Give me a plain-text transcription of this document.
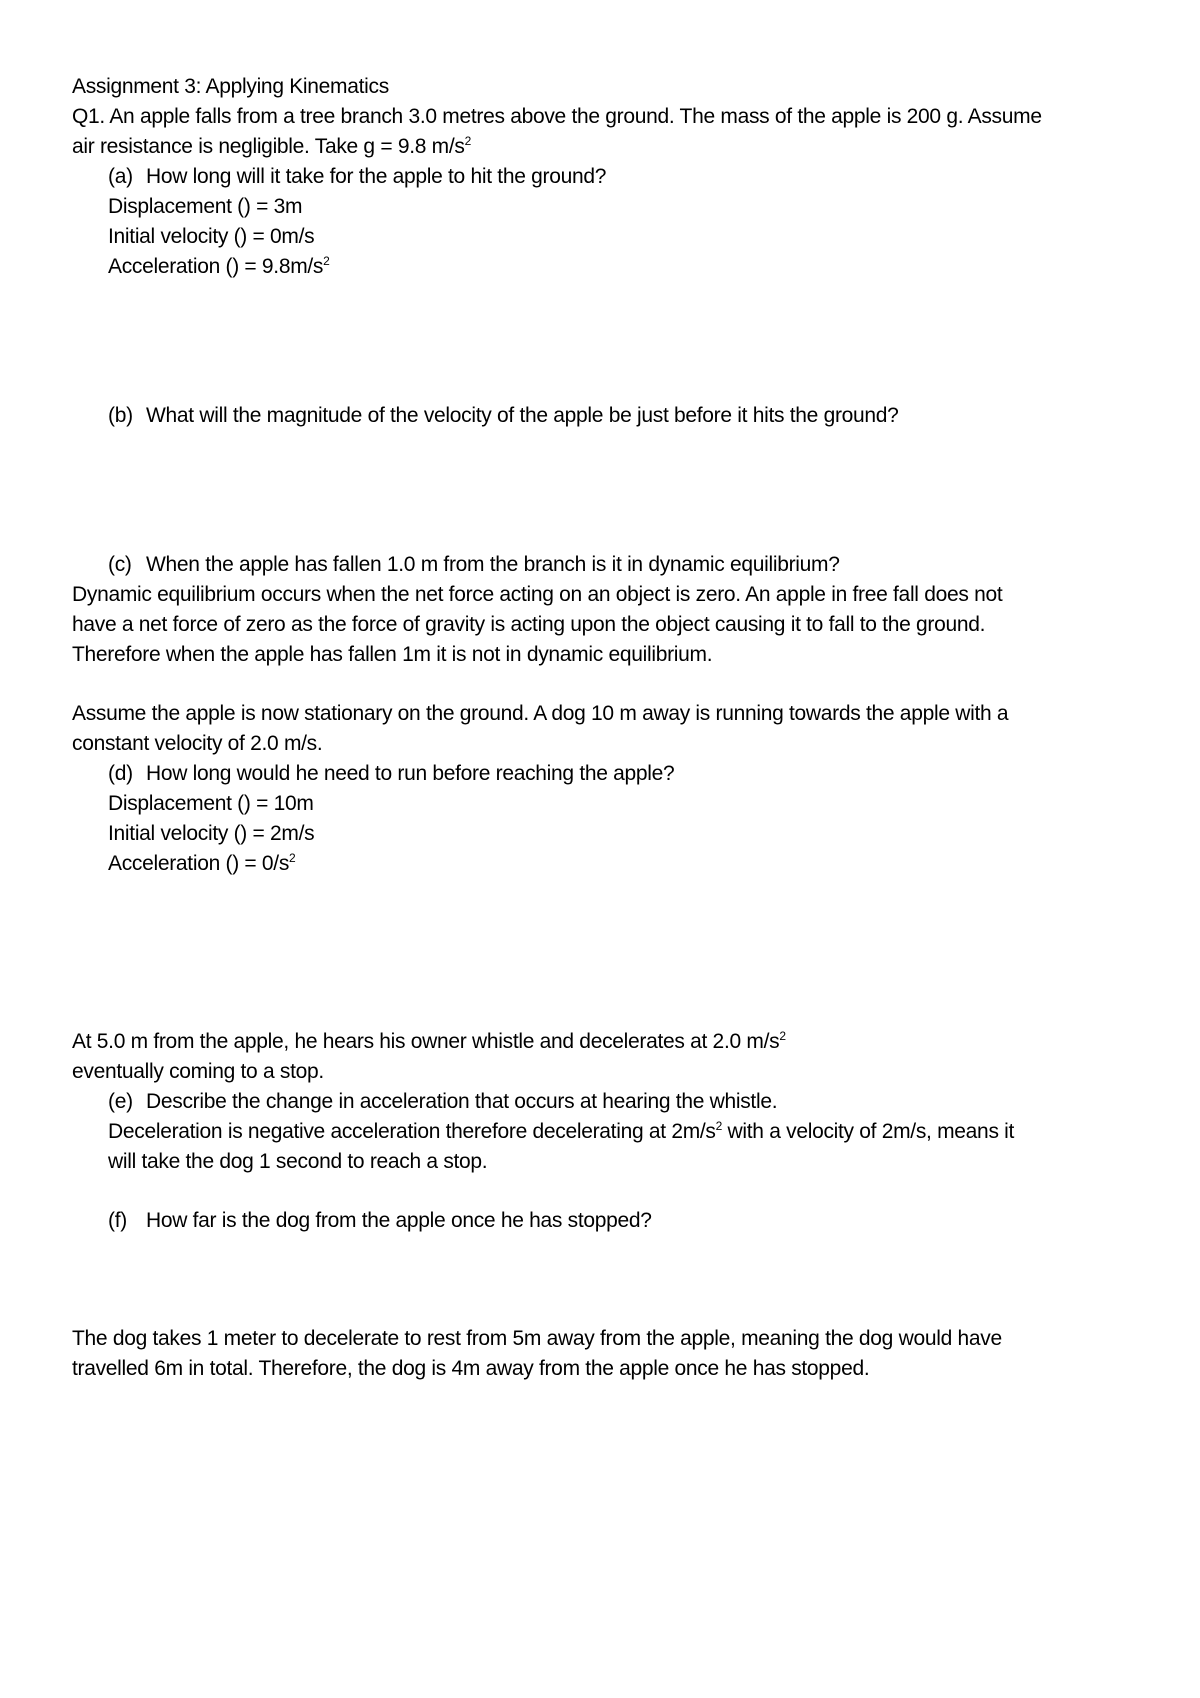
Assignment 3: Applying Kinematics

Q1. An apple falls from a tree branch 3.0 metres above the ground. The mass of the apple is 200 g. Assume

air resistance is negligible. Take g = 9.8 $m/s^2$

(a) How long will it take for the apple to hit the ground?

Displacement () = 3m

Initial velocity () = 0m/s

Acceleration () = $9.8m/s^2$

(b) What will the magnitude of the velocity of the apple be just before it hits the ground?

(c) When the apple has fallen 1.0 m from the branch is it in dynamic equilibrium?

Dynamic equilibrium occurs when the net force acting on an object is zero. An apple in free fall does not

have a net force of zero as the force of gravity is acting upon the object causing it to fall to the ground.

Therefore when the apple has fallen 1m it is not in dynamic equilibrium.

Assume the apple is now stationary on the ground. A dog 10 m away is running towards the apple with a

constant velocity of 2.0 m/s.

(d) How long would he need to run before reaching the apple?

Displacement () = 10m

Initial velocity () = 2m/s

Acceleration () = $0/s^2$

At 5.0 m from the apple, he hears his owner whistle and decelerates at 2.0 $m/s^2$

eventually coming to a stop.

(e) Describe the change in acceleration that occurs at hearing the whistle.

Deceleration is negative acceleration therefore decelerating at $2m/s^2$ with a velocity of 2m/s, means it

will take the dog 1 second to reach a stop.

(f) How far is the dog from the apple once he has stopped?

The dog takes 1 meter to decelerate to rest from 5m away from the apple, meaning the dog would have

travelled 6m in total. Therefore, the dog is 4m away from the apple once he has stopped.
